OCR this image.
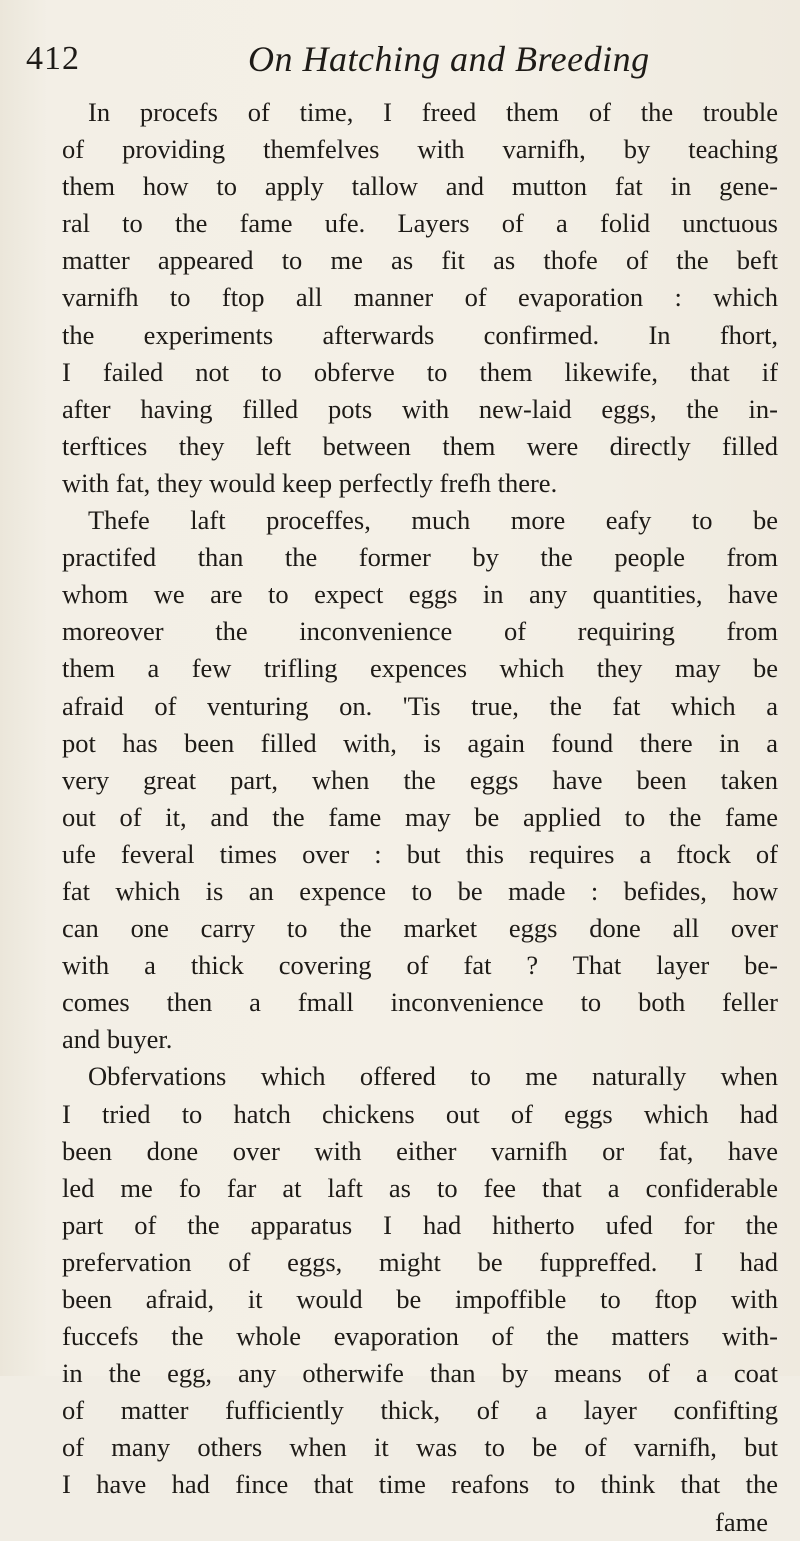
412	On Hatching and Breeding
In procefs of time, I freed them of the trouble
of providing themfelves with varnifh, by teaching
them how to apply tallow and mutton fat in gene-
ral to the fame ufe. Layers of a folid unctuous
matter appeared to me as fit as thofe of the beft
varnifh to ftop all manner of evaporation : which
the experiments afterwards confirmed. In fhort,
I failed not to obferve to them likewife, that if
after having filled pots with new-laid eggs, the in-
terftices they left between them were directly filled
with fat, they would keep perfectly frefh there.
Thefe laft proceffes, much more eafy to be
practifed than the former by the people from
whom we are to expect eggs in any quantities, have
moreover the inconvenience of requiring from
them a few trifling expences which they may be
afraid of venturing on. 'Tis true, the fat which a
pot has been filled with, is again found there in a
very great part, when the eggs have been taken
out of it, and the fame may be applied to the fame
ufe feveral times over : but this requires a ftock of
fat which is an expence to be made : befides, how
can one carry to the market eggs done all over
with a thick covering of fat ? That layer be-
comes then a fmall inconvenience to both feller
and buyer.
Obfervations which offered to me naturally when
I tried to hatch chickens out of eggs which had
been done over with either varnifh or fat, have
led me fo far at laft as to fee that a confiderable
part of the apparatus I had hitherto ufed for the
prefervation of eggs, might be fuppreffed. I had
been afraid, it would be impoffible to ftop with
fuccefs the whole evaporation of the matters with-
in the egg, any otherwife than by means of a coat
of matter fufficiently thick, of a layer confifting
of many others when it was to be of varnifh, but
I have had fince that time reafons to think that the
fame
